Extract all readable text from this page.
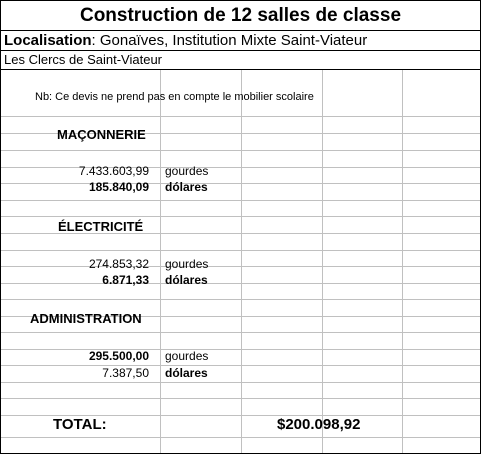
Construction de 12 salles de classe
Localisation: Gonaïves, Institution Mixte Saint-Viateur
Les Clercs de Saint-Viateur
Nb: Ce devis ne prend pas en compte le mobilier scolaire
MAÇONNERIE
7.433.603,99 gourdes
185.840,09 dólares
ÉLECTRICITÉ
274.853,32 gourdes
6.871,33 dólares
ADMINISTRATION
295.500,00 gourdes
7.387,50 dólares
TOTAL:	$200.098,92
